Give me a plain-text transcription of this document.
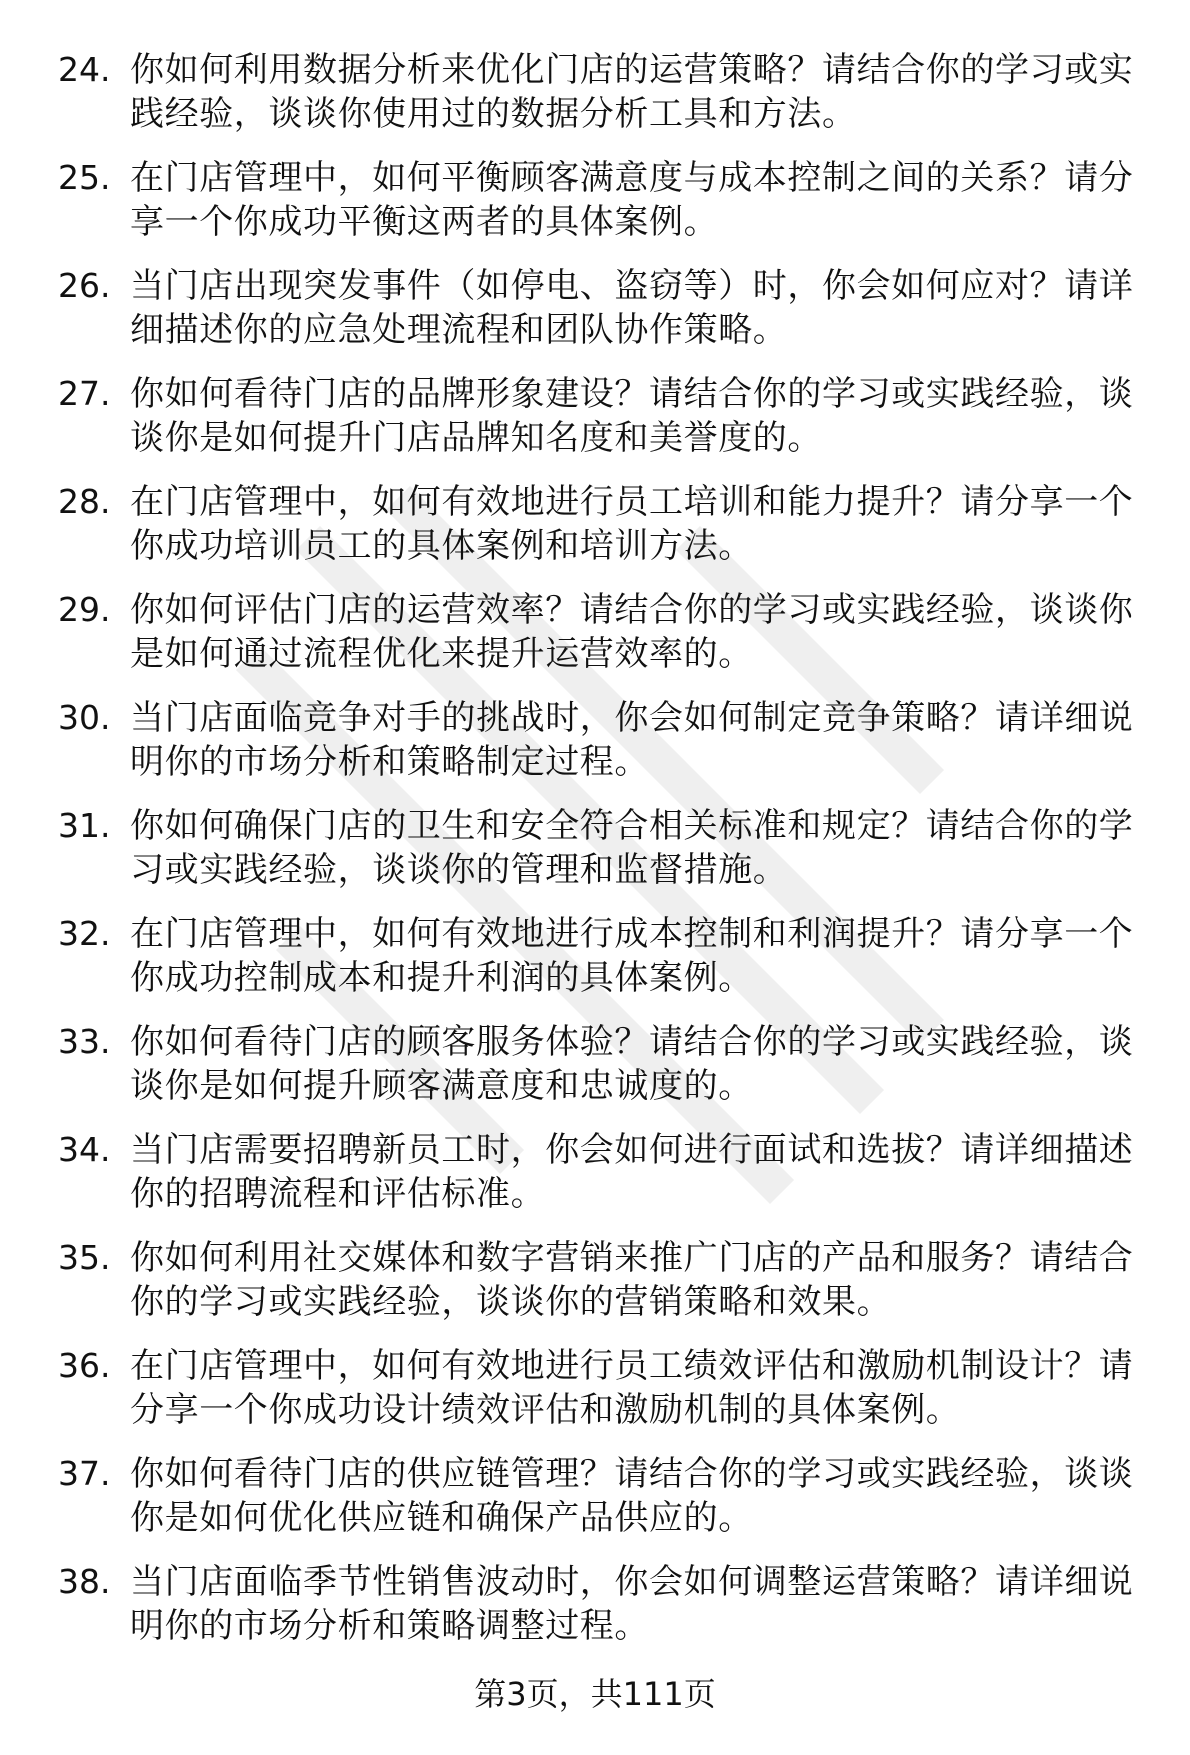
24. 你如何利用数据分析来优化门店的运营策略？请结合你的学习或实践经验，谈谈你使用过的数据分析工具和方法。
25. 在门店管理中，如何平衡顾客满意度与成本控制之间的关系？请分享一个你成功平衡这两者的具体案例。
26. 当门店出现突发事件（如停电、盗窃等）时，你会如何应对？请详细描述你的应急处理流程和团队协作策略。
27. 你如何看待门店的品牌形象建设？请结合你的学习或实践经验，谈谈你是如何提升门店品牌知名度和美誉度的。
28. 在门店管理中，如何有效地进行员工培训和能力提升？请分享一个你成功培训员工的具体案例和培训方法。
29. 你如何评估门店的运营效率？请结合你的学习或实践经验，谈谈你是如何通过流程优化来提升运营效率的。
30. 当门店面临竞争对手的挑战时，你会如何制定竞争策略？请详细说明你的市场分析和策略制定过程。
31. 你如何确保门店的卫生和安全符合相关标准和规定？请结合你的学习或实践经验，谈谈你的管理和监督措施。
32. 在门店管理中，如何有效地进行成本控制和利润提升？请分享一个你成功控制成本和提升利润的具体案例。
33. 你如何看待门店的顾客服务体验？请结合你的学习或实践经验，谈谈你是如何提升顾客满意度和忠诚度的。
34. 当门店需要招聘新员工时，你会如何进行面试和选拔？请详细描述你的招聘流程和评估标准。
35. 你如何利用社交媒体和数字营销来推广门店的产品和服务？请结合你的学习或实践经验，谈谈你的营销策略和效果。
36. 在门店管理中，如何有效地进行员工绩效评估和激励机制设计？请分享一个你成功设计绩效评估和激励机制的具体案例。
37. 你如何看待门店的供应链管理？请结合你的学习或实践经验，谈谈你是如何优化供应链和确保产品供应的。
38. 当门店面临季节性销售波动时，你会如何调整运营策略？请详细说明你的市场分析和策略调整过程。
第3页，共111页
